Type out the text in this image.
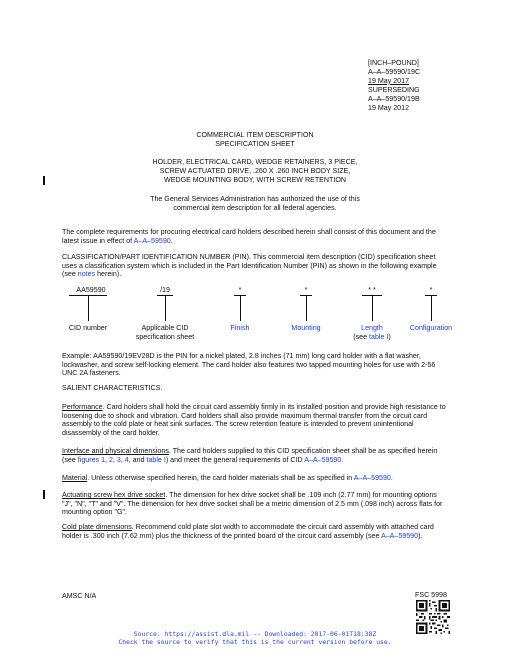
[INCH–POUND]
A–A–59590/19C
19 May 2017
SUPERSEDING
A–A–59590/19B
19 May 2012
COMMERCIAL ITEM DESCRIPTION
SPECIFICATION SHEET
HOLDER, ELECTRICAL CARD, WEDGE RETAINERS, 3 PIECE,
SCREW ACTUATED DRIVE, .260 X .260 INCH BODY SIZE,
WEDGE MOUNTING BODY, WITH SCREW RETENTION
The General Services Administration has authorized the use of this
commercial item description for all federal agencies.

The complete requirements for procuring electrical card holders described herein shall consist of this document and the latest issue in effect of A–A–59590.

CLASSIFICATION/PART IDENTIFICATION NUMBER (PIN). This commercial item description (CID) specification sheet uses a classification system which is included in the Part Identification Number (PIN) as shown in the following example (see notes herein).

AA59590
CID number
/19
Applicable CID
specification sheet
*
Finish
*
Mounting
* *
Length
(see table I)
*
Configuration

Example: AA59590/19EV28D is the PIN for a nickel plated, 2.8 inches (71 mm) long card holder with a flat washer, lockwasher, and screw self-locking element. The card holder also features two tapped mounting holes for use with 2-56 UNC 2A fasteners.

SALIENT CHARACTERISTICS.

Performance. Card holders shall hold the circuit card assembly firmly in its installed position and provide high resistance to loosening due to shock and vibration. Card holders shall also provide maximum thermal transfer from the circuit card assembly to the cold plate or heat sink surfaces. The screw retention feature is intended to prevent unintentional disassembly of the card holder.

Interface and physical dimensions. The card holders supplied to this CID specification sheet shall be as specified herein (see figures 1, 2, 3, 4, and table I) and meet the general requirements of CID A–A–59590.

Material. Unless otherwise specified herein, the card holder materials shall be as specified in A–A–59590.

Actuating screw hex drive socket. The dimension for hex drive socket shall be .109 inch (2.77 mm) for mounting options "J", "N", "T" and "V". The dimension for hex drive socket shall be a metric dimension of 2.5 mm (.098 inch) across flats for mounting option "G".

Cold plate dimensions. Recommend cold plate slot width to accommodate the circuit card assembly with attached card holder is .300 inch (7.62 mm) plus the thickness of the printed board of the circuit card assembly (see A–A–59590).

AMSC N/A	FSC 5998
Source: https://assist.dla.mil -- Downloaded: 2017-06-01T18:38Z
Check the source to verify that this is the current version before use.
